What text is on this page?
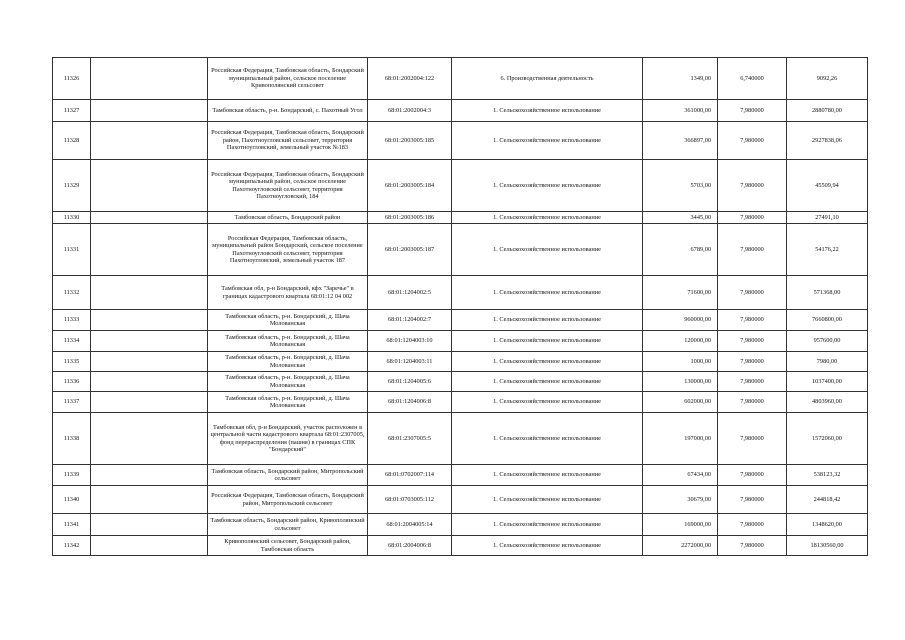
11326		Российская Федерация, Тамбовская область, Бондарский муниципальный район, сельское поселение Кривополянский сельсовет	68:01:2002004:122	6. Производственная деятельность	1349,00	6,740000	9092,26
11327		Тамбовская область, р-н. Бондарский, с. Пахотный Угол	68:01:2002004:3	1. Сельскохозяйственное использование	361000,00	7,980000	2880780,00
11328		Российская Федерация, Тамбовская область, Бондарский район, Пахотноугловский сельсовет, территория Пахотноугловский, земельный участок №183	68:01:2003005:185	1. Сельскохозяйственное использование	366897,00	7,980000	2927838,06
11329		Российская Федерация, Тамбовская область, Бондарский муниципальный район, сельское поселение Пахотноугловский сельсовет, территория Пахотноугловский, 184	68:01:2003005:184	1. Сельскохозяйственное использование	5703,00	7,980000	45509,94
11330		Тамбовская область, Бондарский район	68:01:2003005:186	1. Сельскохозяйственное использование	3445,00	7,980000	27491,10
11331		Российская Федерация, Тамбовская область, муниципальный район Бондарский, сельское поселение Пахотноугловский сельсовет, территория Пахотноугловский, земельный участок 187	68:01:2003005:187	1. Сельскохозяйственное использование	6789,00	7,980000	54176,22
11332		Тамбовская обл, р-н Бондарский, кфх "Заречье" в границах кадастрового квартала 68:01:12 04 002	68:01:1204002:5	1. Сельскохозяйственное использование	71600,00	7,980000	571368,00
11333		Тамбовская область, р-н. Бондарский, д. Шача Молованская	68:01:1204002:7	1. Сельскохозяйственное использование	960000,00	7,980000	7660800,00
11334		Тамбовская область, р-н. Бондарский, д. Шача Молованская	68:01:1204003:10	1. Сельскохозяйственное использование	120000,00	7,980000	957600,00
11335		Тамбовская область, р-н. Бондарский, д. Шача Молованская	68:01:1204003:11	1. Сельскохозяйственное использование	1000,00	7,980000	7980,00
11336		Тамбовская область, р-н. Бондарский, д. Шача Молованская	68:01:1204005:6	1. Сельскохозяйственное использование	130000,00	7,980000	1037400,00
11337		Тамбовская область, р-н. Бондарский, д. Шача Молованская	68:01:1204006:8	1. Сельскохозяйственное использование	602000,00	7,980000	4803960,00
11338		Тамбовская обл, р-н Бондарский, участок расположен в центральной части кадастрового квартала 68:01:2307005, фонд перераспределения (пашня) в границах СПК "Бондарский"	68:01:2307005:5	1. Сельскохозяйственное использование	197000,00	7,980000	1572060,00
11339		Тамбовская область, Бондарский район, Митропольский сельсовет	68:01:0702007:114	1. Сельскохозяйственное использование	67434,00	7,980000	538123,32
11340		Российская Федерация, Тамбовская область, Бондарский район, Митропольский сельсовет	68:01:0703005:112	1. Сельскохозяйственное использование	30679,00	7,980000	244818,42
11341		Тамбовская область, Бондарский район, Кривополянский сельсовет	68:01:2004005:14	1. Сельскохозяйственное использование	169000,00	7,980000	1348620,00
11342		Кривополянский сельсовет, Бондарский район, Тамбовская область	68:01:2004006:8	1. Сельскохозяйственное использование	2272000,00	7,980000	18130560,00
